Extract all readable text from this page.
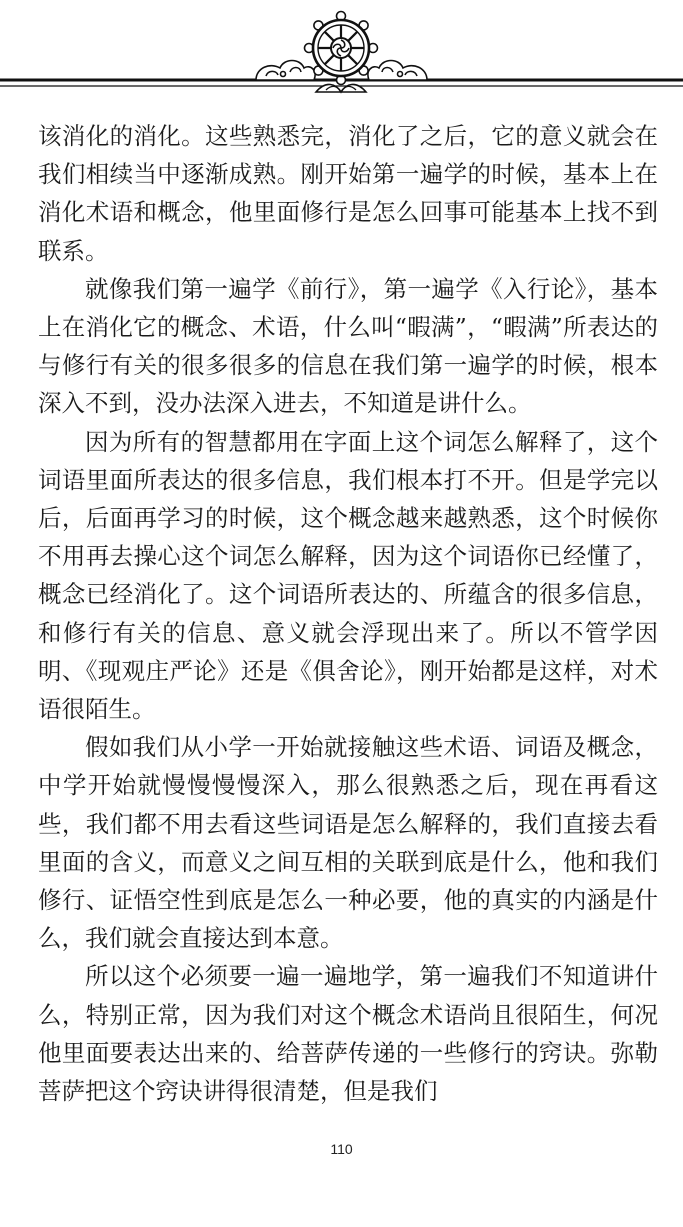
该消化的消化。这些熟悉完，消化了之后，它的意义就会在我们相续当中逐渐成熟。刚开始第一遍学的时候，基本上在消化术语和概念，他里面修行是怎么回事可能基本上找不到联系。

就像我们第一遍学《前行》，第一遍学《入行论》，基本上在消化它的概念、术语，什么叫“暇满”，“暇满”所表达的与修行有关的很多很多的信息在我们第一遍学的时候，根本深入不到，没办法深入进去，不知道是讲什么。

因为所有的智慧都用在字面上这个词怎么解释了，这个词语里面所表达的很多信息，我们根本打不开。但是学完以后，后面再学习的时候，这个概念越来越熟悉，这个时候你不用再去操心这个词怎么解释，因为这个词语你已经懂了，概念已经消化了。这个词语所表达的、所蕴含的很多信息，和修行有关的信息、意义就会浮现出来了。所以不管学因明、《现观庄严论》还是《俱舍论》，刚开始都是这样，对术语很陌生。

假如我们从小学一开始就接触这些术语、词语及概念，中学开始就慢慢慢慢深入，那么很熟悉之后，现在再看这些，我们都不用去看这些词语是怎么解释的，我们直接去看里面的含义，而意义之间互相的关联到底是什么，他和我们修行、证悟空性到底是怎么一种必要，他的真实的内涵是什么，我们就会直接达到本意。

所以这个必须要一遍一遍地学，第一遍我们不知道讲什么，特别正常，因为我们对这个概念术语尚且很陌生，何况他里面要表达出来的、给菩萨传递的一些修行的窍诀。弥勒菩萨把这个窍诀讲得很清楚，但是我们

110
